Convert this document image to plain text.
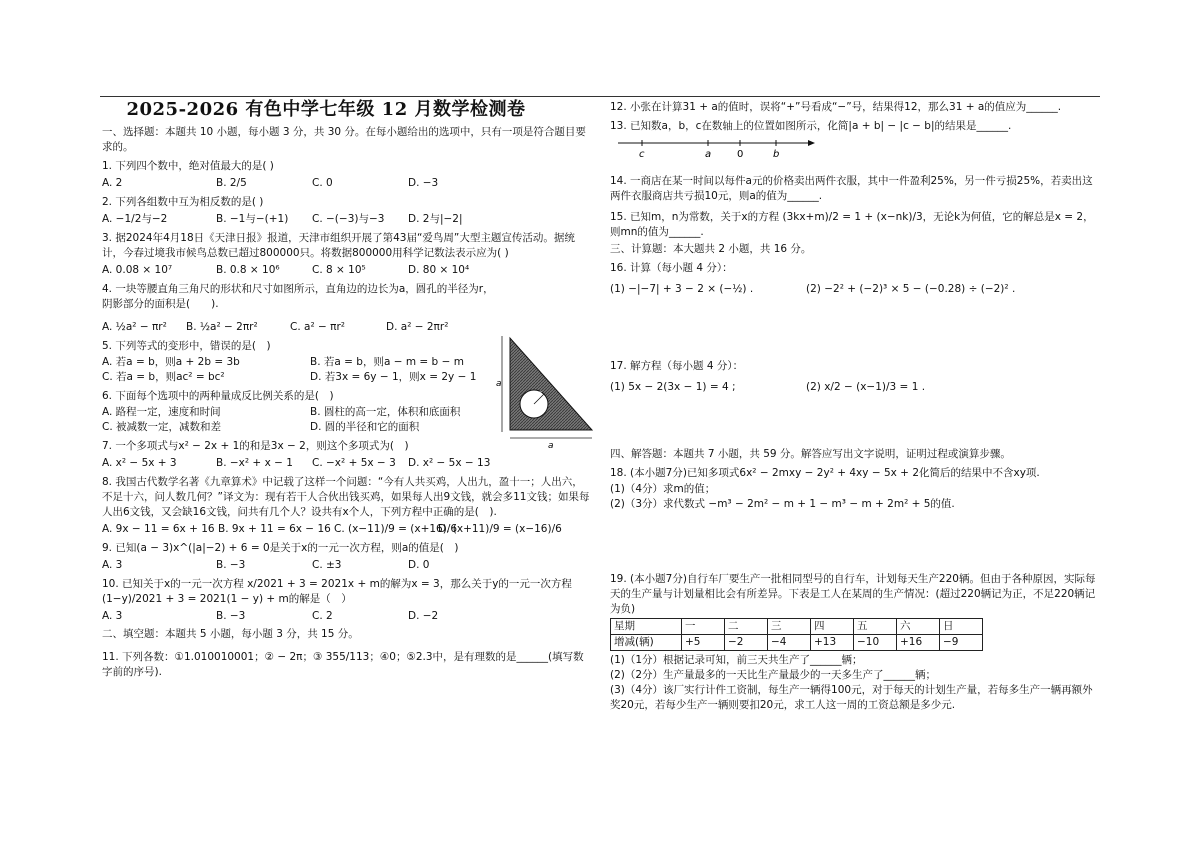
2025-2026 有色中学七年级 12 月数学检测卷
一、选择题：本题共 10 小题，每小题 3 分，共 30 分。在每小题给出的选项中，只有一项是符合题目要求的。
1. 下列四个数中，绝对值最大的是( )
A. 2	B. 2/5	C. 0	D. −3
2. 下列各组数中互为相反数的是( )
A. −1/2与−2	B. −1与−(+1)	C. −(−3)与−3	D. 2与|−2|
3. 据2024年4月18日《天津日报》报道，天津市组织开展了第43届“爱鸟周”大型主题宣传活动。据统计，今春过境我市候鸟总数已超过800000只。将数据800000用科学记数法表示应为( )
A. 0.08 × 10⁷	B. 0.8 × 10⁶	C. 8 × 10⁵	D. 80 × 10⁴
4. 一块等腰直角三角尺的形状和尺寸如图所示，直角边的边长为a，圆孔的半径为r，阴影部分的面积是(　　).
A. ½a² − πr²	B. ½a² − 2πr²	C. a² − πr²	D. a² − 2πr²
5. 下列等式的变形中，错误的是(　)
A. 若a = b，则a + 2b = 3b	B. 若a = b，则a − m = b − m
C. 若a = b，则ac² = bc²	D. 若3x = 6y − 1，则x = 2y − 1
6. 下面每个选项中的两种量成反比例关系的是(　)
A. 路程一定，速度和时间	B. 圆柱的高一定，体积和底面积
C. 被减数一定，减数和差	D. 圆的半径和它的面积
7. 一个多项式与x² − 2x + 1的和是3x − 2，则这个多项式为(　)
A. x² − 5x + 3	B. −x² + x − 1	C. −x² + 5x − 3	D. x² − 5x − 13
8. 我国古代数学名著《九章算术》中记载了这样一个问题：“今有人共买鸡，人出九，盈十一；人出六，不足十六，问人数几何？”译文为：现有若干人合伙出钱买鸡，如果每人出9文钱，就会多11文钱；如果每人出6文钱，又会缺16文钱，问共有几个人？设共有x个人，下列方程中正确的是(　).
A. 9x − 11 = 6x + 16 B. 9x + 11 = 6x − 16 C. (x−11)/9 = (x+16)/6
D. (x+11)/9 = (x−16)/6
9. 已知(a − 3)x^(|a|−2) + 6 = 0是关于x的一元一次方程，则a的值是(　)
A. 3	B. −3	C. ±3	D. 0
10. 已知关于x的一元一次方程 x/2021 + 3 = 2021x + m的解为x = 3，那么关于y的一元一次方程 (1−y)/2021 + 3 = 2021(1 − y) + m的解是（　）
A. 3	B. −3	C. 2	D. −2
二、填空题：本题共 5 小题，每小题 3 分，共 15 分。
11. 下列各数：①1.010010001；② − 2π；③ 355/113；④0；⑤2.3中，是有理数的是______(填写数字前的序号).
r
a
a
12. 小张在计算31 + a的值时，误将“+”号看成“−”号，结果得12，那么31 + a的值应为______.
13. 已知数a，b，c在数轴上的位置如图所示，化简|a + b| − |c − b|的结果是______.
c	a	0	b
14. 一商店在某一时间以每件a元的价格卖出两件衣服，其中一件盈利25%，另一件亏损25%，若卖出这两件衣服商店共亏损10元，则a的值为______.
15. 已知m，n为常数，关于x的方程 (3kx+m)/2 = 1 + (x−nk)/3，无论k为何值，它的解总是x = 2，则mn的值为______.
三、计算题：本大题共 2 小题，共 16 分。
16. 计算（每小题 4 分）：
(1) −|−7| + 3 − 2 × (−½) .	(2) −2² + (−2)³ × 5 − (−0.28) ÷ (−2)² .
17. 解方程（每小题 4 分）：
(1) 5x − 2(3x − 1) = 4 ;	(2) x/2 − (x−1)/3 = 1 .
四、解答题：本题共 7 小题，共 59 分。解答应写出文字说明，证明过程或演算步骤。
18. (本小题7分)已知多项式6x² − 2mxy − 2y² + 4xy − 5x + 2化简后的结果中不含xy项.
(1)（4分）求m的值；
(2)（3分）求代数式 −m³ − 2m² − m + 1 − m³ − m + 2m² + 5的值.
19. (本小题7分)自行车厂要生产一批相同型号的自行车，计划每天生产220辆。但由于各种原因，实际每天的生产量与计划量相比会有所差异。下表是工人在某周的生产情况：(超过220辆记为正，不足220辆记为负)
星期	一	二	三	四	五	六	日
增减(辆)	+5	−2	−4	+13	−10	+16	−9
(1)（1分）根据记录可知，前三天共生产了______辆；
(2)（2分）生产量最多的一天比生产量最少的一天多生产了______辆；
(3)（4分）该厂实行计件工资制，每生产一辆得100元，对于每天的计划生产量，若每多生产一辆再额外奖20元，若每少生产一辆则要扣20元，求工人这一周的工资总额是多少元.
